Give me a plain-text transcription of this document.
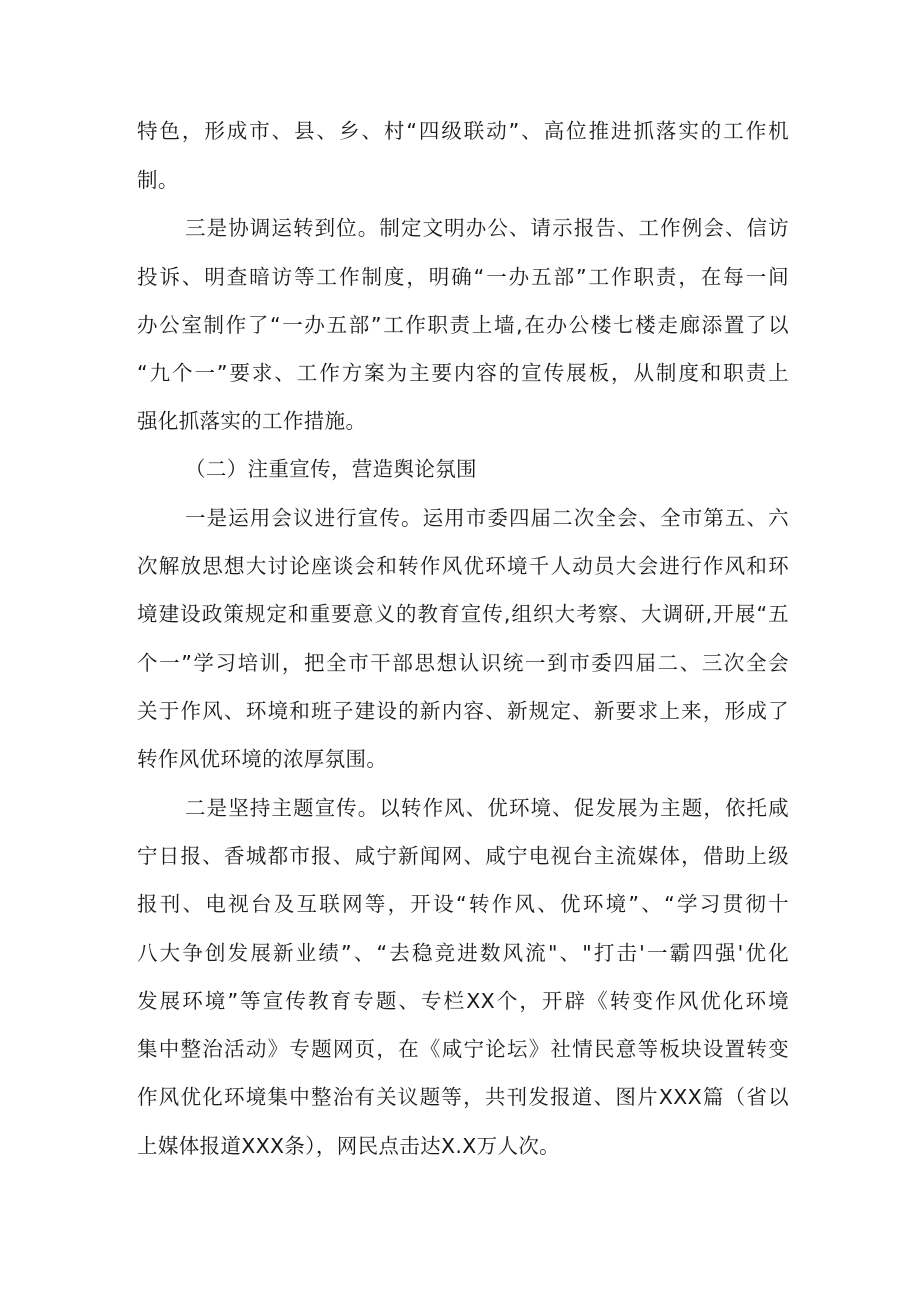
特色，形成市、县、乡、村“四级联动”、高位推进抓落实的工作机
制。
三是协调运转到位。制定文明办公、请示报告、工作例会、信访
投诉、明查暗访等工作制度，明确“一办五部”工作职责，在每一间
办公室制作了“一办五部”工作职责上墙,在办公楼七楼走廊添置了以
“九个一”要求、工作方案为主要内容的宣传展板，从制度和职责上
强化抓落实的工作措施。
（二）注重宣传，营造舆论氛围
一是运用会议进行宣传。运用市委四届二次全会、全市第五、六
次解放思想大讨论座谈会和转作风优环境千人动员大会进行作风和环
境建设政策规定和重要意义的教育宣传,组织大考察、大调研,开展“五
个一”学习培训，把全市干部思想认识统一到市委四届二、三次全会
关于作风、环境和班子建设的新内容、新规定、新要求上来，形成了
转作风优环境的浓厚氛围。
二是坚持主题宣传。以转作风、优环境、促发展为主题，依托咸
宁日报、香城都市报、咸宁新闻网、咸宁电视台主流媒体，借助上级
报刊、电视台及互联网等，开设“转作风、优环境”、“学习贯彻十
八大争创发展新业绩”、“去稳竞进数风流"、"打击'一霸四强'优化
发展环境”等宣传教育专题、专栏XX个，开辟《转变作风优化环境
集中整治活动》专题网页，在《咸宁论坛》社情民意等板块设置转变
作风优化环境集中整治有关议题等，共刊发报道、图片XXX篇（省以
上媒体报道XXX条），网民点击达X.X万人次。
